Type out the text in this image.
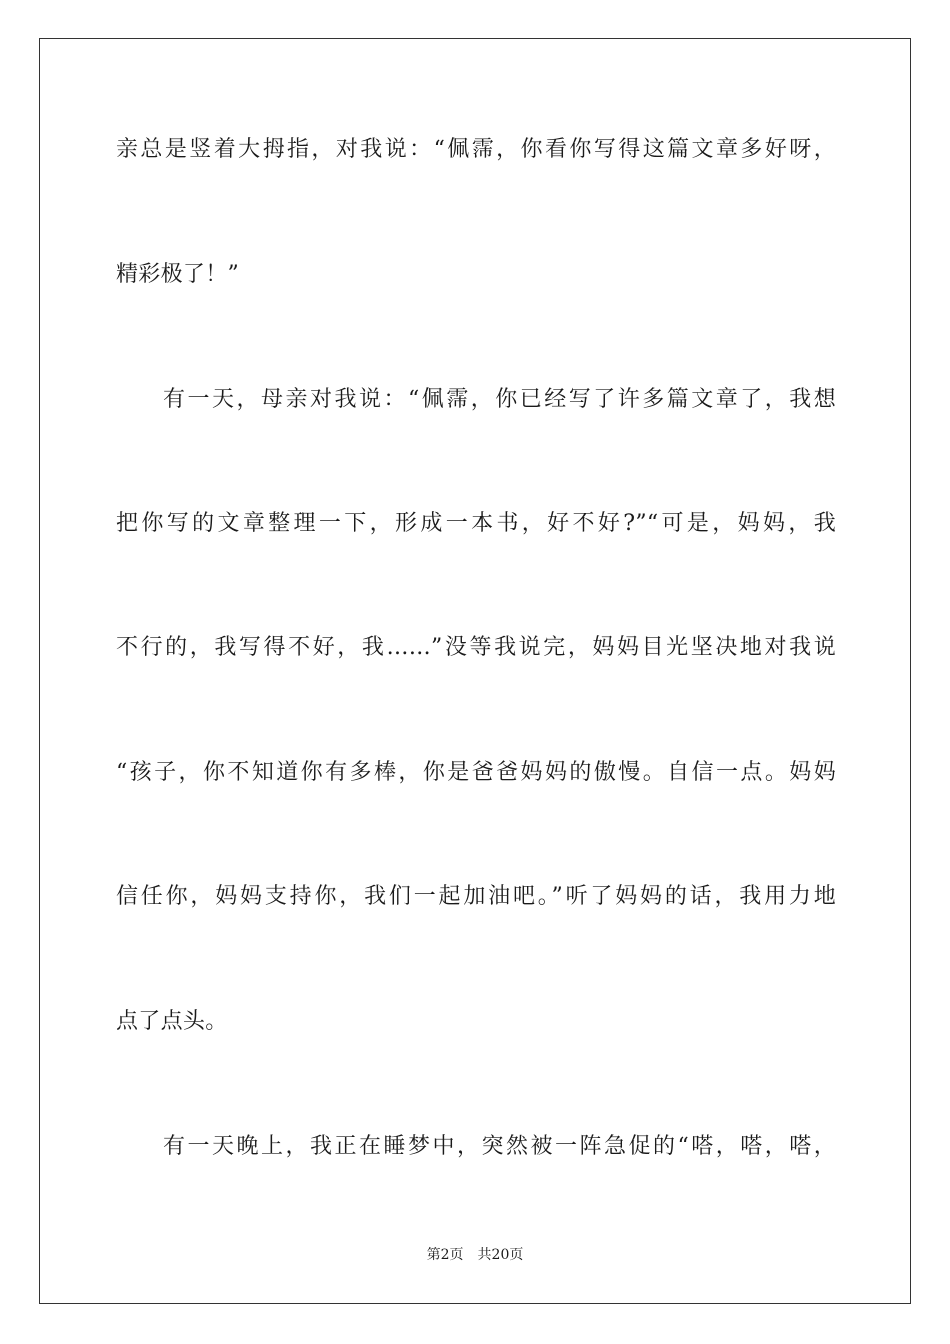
亲总是竖着大拇指，对我说：“佩霈，你看你写得这篇文章多好呀，
精彩极了！”
有一天，母亲对我说：“佩霈，你已经写了许多篇文章了，我想
把你写的文章整理一下，形成一本书，好不好?”“可是，妈妈，我
不行的，我写得不好，我……”没等我说完，妈妈目光坚决地对我说
“孩子，你不知道你有多棒，你是爸爸妈妈的傲慢。自信一点。妈妈
信任你，妈妈支持你，我们一起加油吧。”听了妈妈的话，我用力地
点了点头。
有一天晚上，我正在睡梦中，突然被一阵急促的“嗒，嗒，嗒，
第2页　共20页
